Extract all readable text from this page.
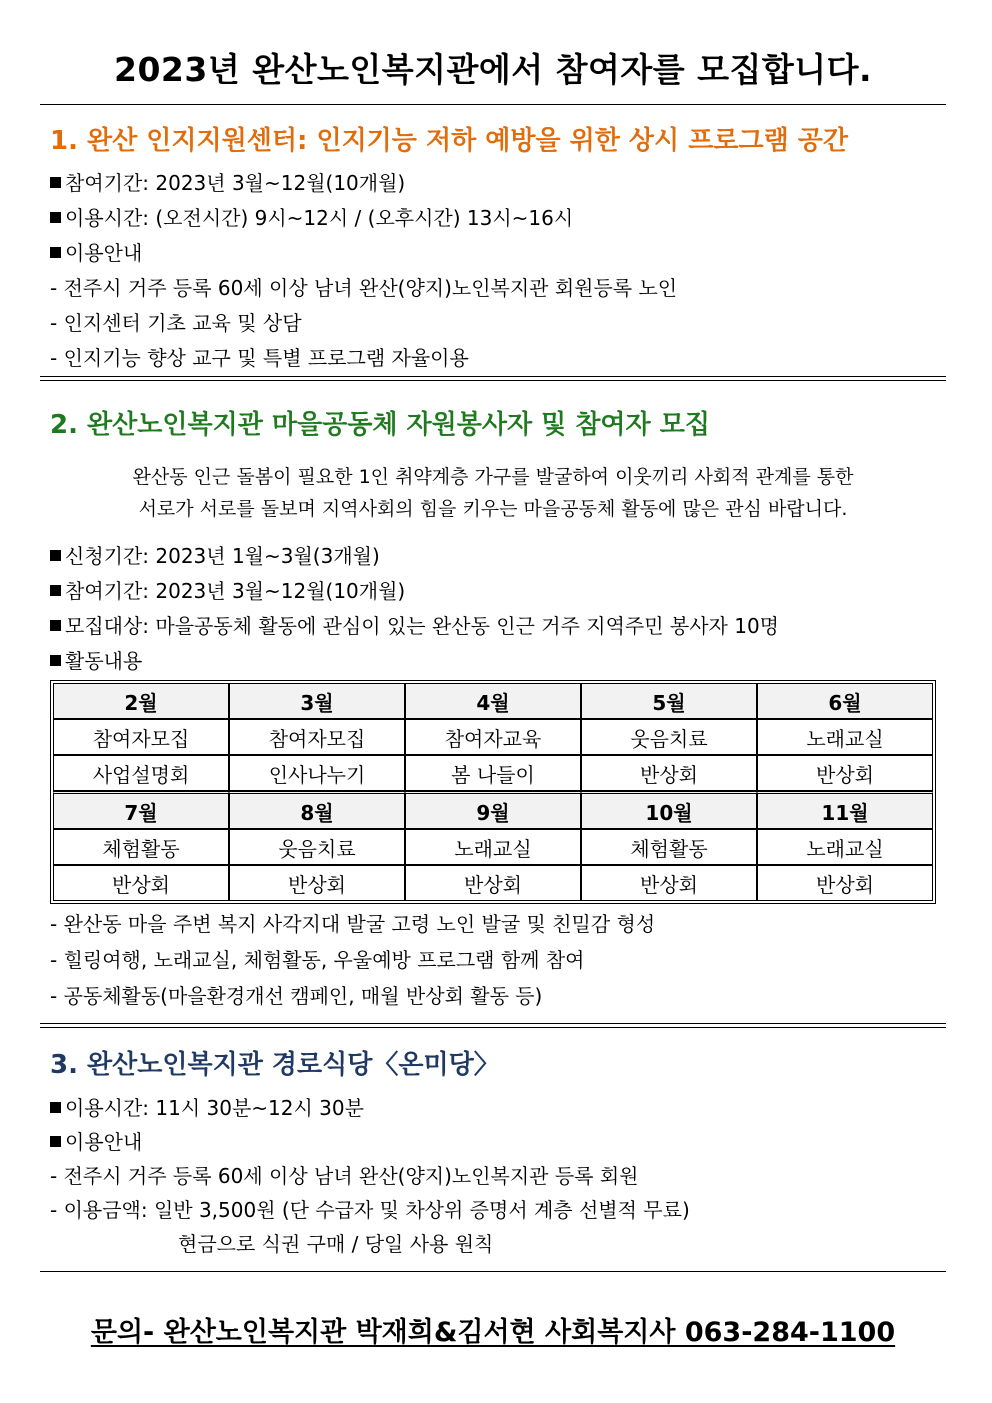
2023년 완산노인복지관에서 참여자를 모집합니다.
1. 완산 인지지원센터: 인지기능 저하 예방을 위한 상시 프로그램 공간
참여기간: 2023년 3월~12월(10개월)
이용시간: (오전시간) 9시~12시 / (오후시간) 13시~16시
이용안내
- 전주시 거주 등록 60세 이상 남녀 완산(양지)노인복지관 회원등록 노인
- 인지센터 기초 교육 및 상담
- 인지기능 향상 교구 및 특별 프로그램 자율이용
2. 완산노인복지관 마을공동체 자원봉사자 및 참여자 모집
완산동 인근 돌봄이 필요한 1인 취약계층 가구를 발굴하여 이웃끼리 사회적 관계를 통한
서로가 서로를 돌보며 지역사회의 힘을 키우는 마을공동체 활동에 많은 관심 바랍니다.
신청기간: 2023년 1월~3월(3개월)
참여기간: 2023년 3월~12월(10개월)
모집대상: 마을공동체 활동에 관심이 있는 완산동 인근 거주 지역주민 봉사자 10명
활동내용
2월	3월	4월	5월	6월
참여자모집	참여자모집	참여자교육	웃음치료	노래교실
사업설명회	인사나누기	봄 나들이	반상회	반상회
7월	8월	9월	10월	11월
체험활동	웃음치료	노래교실	체험활동	노래교실
반상회	반상회	반상회	반상회	반상회
- 완산동 마을 주변 복지 사각지대 발굴 고령 노인 발굴 및 친밀감 형성
- 힐링여행, 노래교실, 체험활동, 우울예방 프로그램 함께 참여
- 공동체활동(마을환경개선 캠페인, 매월 반상회 활동 등)
3. 완산노인복지관 경로식당〈온미당〉
이용시간: 11시 30분~12시 30분
이용안내
- 전주시 거주 등록 60세 이상 남녀 완산(양지)노인복지관 등록 회원
- 이용금액: 일반 3,500원 (단 수급자 및 차상위 증명서 계층 선별적 무료)
현금으로 식권 구매 / 당일 사용 원칙
문의- 완산노인복지관 박재희&김서현 사회복지사 063-284-1100
